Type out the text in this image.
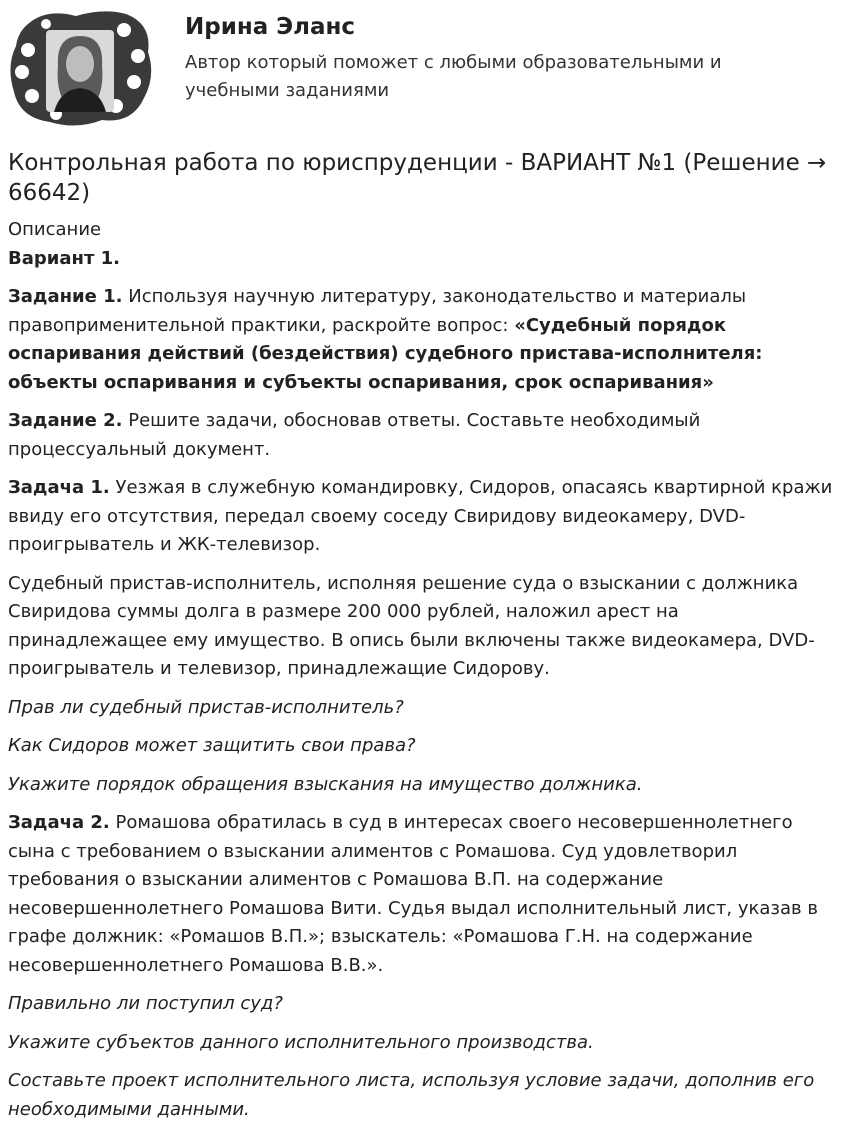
Ирина Эланс
Автор который поможет с любыми образовательными и учебными заданиями
Контрольная работа по юриспруденции - ВАРИАНТ №1 (Решение → 66642)

Описание

Вариант 1.

Задание 1. Используя научную литературу, законодательство и материалы правоприменительной практики, раскройте вопрос: «Судебный порядок оспаривания действий (бездействия) судебного пристава-исполнителя: объекты оспаривания и субъекты оспаривания, срок оспаривания»

Задание 2. Решите задачи, обосновав ответы. Составьте необходимый процессуальный документ.

Задача 1. Уезжая в служебную командировку, Сидоров, опасаясь квартирной кражи ввиду его отсутствия, передал своему соседу Свиридову видеокамеру, DVD-проигрыватель и ЖК-телевизор.

Судебный пристав-исполнитель, исполняя решение суда о взыскании с должника Свиридова суммы долга в размере 200 000 рублей, наложил арест на принадлежащее ему имущество. В опись были включены также видеокамера, DVD-проигрыватель и телевизор, принадлежащие Сидорову.

Прав ли судебный пристав-исполнитель?

Как Сидоров может защитить свои права?

Укажите порядок обращения взыскания на имущество должника.

Задача 2. Ромашова обратилась в суд в интересах своего несовершеннолетнего сына с требованием о взыскании алиментов с Ромашова. Суд удовлетворил требования о взыскании алиментов с Ромашова В.П. на содержание несовершеннолетнего Ромашова Вити. Судья выдал исполнительный лист, указав в графе должник: «Ромашов В.П.»; взыскатель: «Ромашова Г.Н. на содержание несовершеннолетнего Ромашова В.В.».

Правильно ли поступил суд?

Укажите субъектов данного исполнительного производства.

Составьте проект исполнительного листа, используя условие задачи, дополнив его необходимыми данными.
